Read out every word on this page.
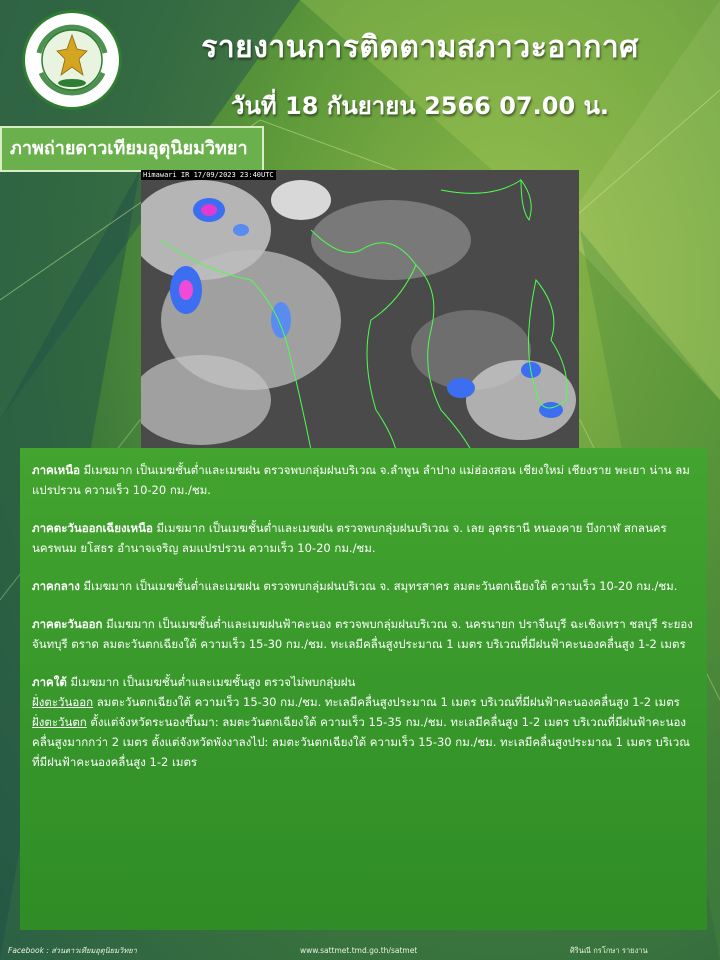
รายงานการติดตามสภาวะอากาศ
วันที่ 18 กันยายน 2566 07.00 น.
ภาพถ่ายดาวเทียมอุตุนิยมวิทยา
Himawari IR 17/09/2023 23:40UTC

ภาคเหนือ มีเมฆมาก เป็นเมฆชั้นต่ำและเมฆฝน ตรวจพบกลุ่มฝนบริเวณ จ.ลำพูน ลำปาง แม่ฮ่องสอน เชียงใหม่ เชียงราย พะเยา น่าน ลมแปรปรวน ความเร็ว 10-20 กม./ชม.

ภาคตะวันออกเฉียงเหนือ มีเมฆมาก เป็นเมฆชั้นต่ำและเมฆฝน ตรวจพบกลุ่มฝนบริเวณ จ. เลย อุดรธานี หนองคาย บึงกาฬ สกลนคร นครพนม ยโสธร อำนาจเจริญ ลมแปรปรวน ความเร็ว 10-20 กม./ชม.

ภาคกลาง มีเมฆมาก เป็นเมฆชั้นต่ำและเมฆฝน ตรวจพบกลุ่มฝนบริเวณ จ. สมุทรสาคร ลมตะวันตกเฉียงใต้ ความเร็ว 10-20 กม./ชม.

ภาคตะวันออก มีเมฆมาก เป็นเมฆชั้นต่ำและเมฆฝนฟ้าคะนอง ตรวจพบกลุ่มฝนบริเวณ จ. นครนายก ปราจีนบุรี ฉะเชิงเทรา ชลบุรี ระยอง จันทบุรี ตราด ลมตะวันตกเฉียงใต้ ความเร็ว 15-30 กม./ชม. ทะเลมีคลื่นสูงประมาณ 1 เมตร บริเวณที่มีฝนฟ้าคะนองคลื่นสูง 1-2 เมตร

ภาคใต้ มีเมฆมาก เป็นเมฆชั้นต่ำและเมฆชั้นสูง ตรวจไม่พบกลุ่มฝน

ฝั่งตะวันออก ลมตะวันตกเฉียงใต้ ความเร็ว 15-30 กม./ชม. ทะเลมีคลื่นสูงประมาณ 1 เมตร บริเวณที่มีฝนฟ้าคะนองคลื่นสูง 1-2 เมตร

ฝั่งตะวันตก ตั้งแต่จังหวัดระนองขึ้นมา: ลมตะวันตกเฉียงใต้ ความเร็ว 15-35 กม./ชม. ทะเลมีคลื่นสูง 1-2 เมตร บริเวณที่มีฝนฟ้าคะนองคลื่นสูงมากกว่า 2 เมตร ตั้งแต่จังหวัดพังงาลงไป: ลมตะวันตกเฉียงใต้ ความเร็ว 15-30 กม./ชม. ทะเลมีคลื่นสูงประมาณ 1 เมตร บริเวณที่มีฝนฟ้าคะนองคลื่นสูง 1-2 เมตร

Facebook : ส่วนดาวเทียมอุตุนิยมวิทยา	www.sattmet.tmd.go.th/satmet	ศิรินณี กรโกษา รายงาน
